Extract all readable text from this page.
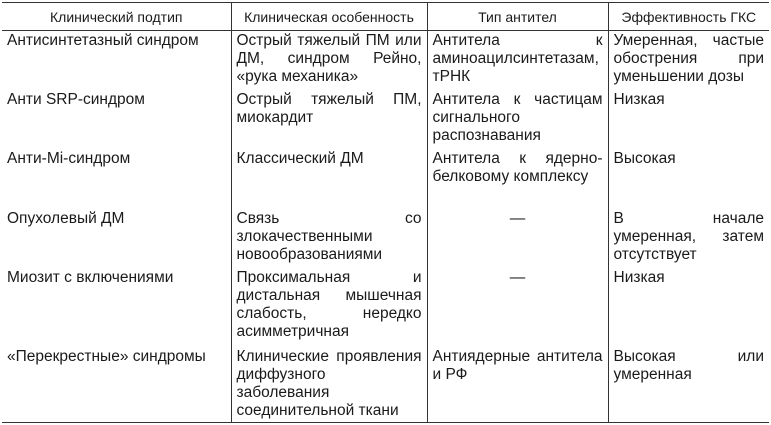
Клинический подтип	Клиническая особенность	Тип антител	Эффективность ГКС
Антисинтетазный синдром	Острый тяжелый ПМ или ДМ, синдром Рейно, «рука механика»	Антитела к аминоацилсинтетазам, тРНК	Умеренная, частые обострения при уменьшении дозы
Анти SRP-синдром	Острый тяжелый ПМ, миокардит	Антитела к частицам сигнального распознавания	Низкая
Анти-Mi-синдром	Классический ДМ	Антитела к ядерно-белковому комплексу	Высокая
Опухолевый ДМ	Связь со злокачественными новообразованиями	—	В начале умеренная, затем отсутствует
Миозит с включениями	Проксимальная и дистальная мышечная слабость, нередко асимметричная	—	Низкая
«Перекрестные» синдромы	Клинические проявления диффузного заболевания соединительной ткани	Антиядерные антитела и РФ	Высокая или умеренная
